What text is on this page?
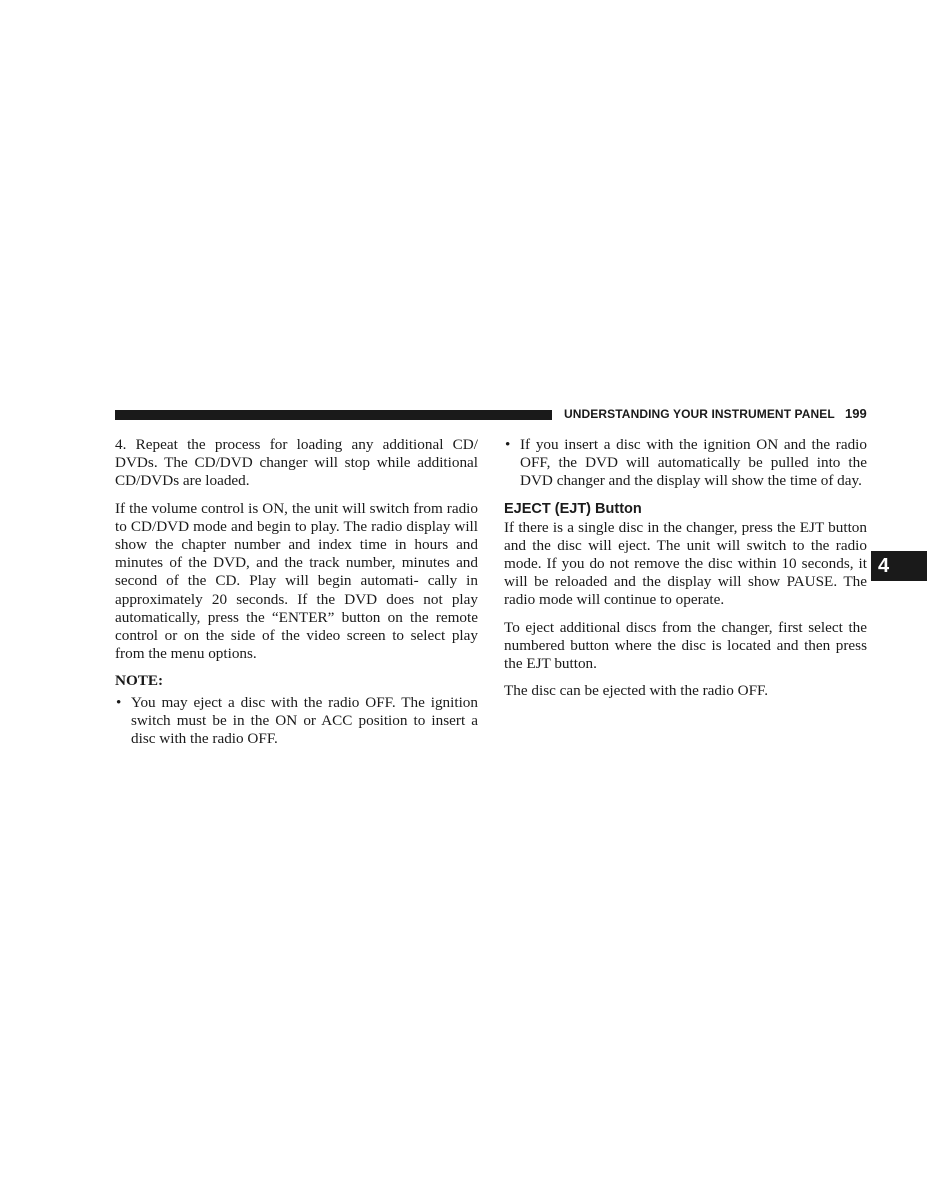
UNDERSTANDING YOUR INSTRUMENT PANEL 199
4

4. Repeat the process for loading any additional CD/ DVDs. The CD/DVD changer will stop while additional CD/DVDs are loaded.

If the volume control is ON, the unit will switch from radio to CD/DVD mode and begin to play. The radio display will show the chapter number and index time in hours and minutes of the DVD, and the track number, minutes and second of the CD. Play will begin automati- cally in approximately 20 seconds. If the DVD does not play automatically, press the “ENTER” button on the remote control or on the side of the video screen to select play from the menu options.

NOTE:
• You may eject a disc with the radio OFF. The ignition switch must be in the ON or ACC position to insert a disc with the radio OFF.
• If you insert a disc with the ignition ON and the radio OFF, the DVD will automatically be pulled into the DVD changer and the display will show the time of day.
EJECT (EJT) Button

If there is a single disc in the changer, press the EJT button and the disc will eject. The unit will switch to the radio mode. If you do not remove the disc within 10 seconds, it will be reloaded and the display will show PAUSE. The radio mode will continue to operate.

To eject additional discs from the changer, first select the numbered button where the disc is located and then press the EJT button.

The disc can be ejected with the radio OFF.
